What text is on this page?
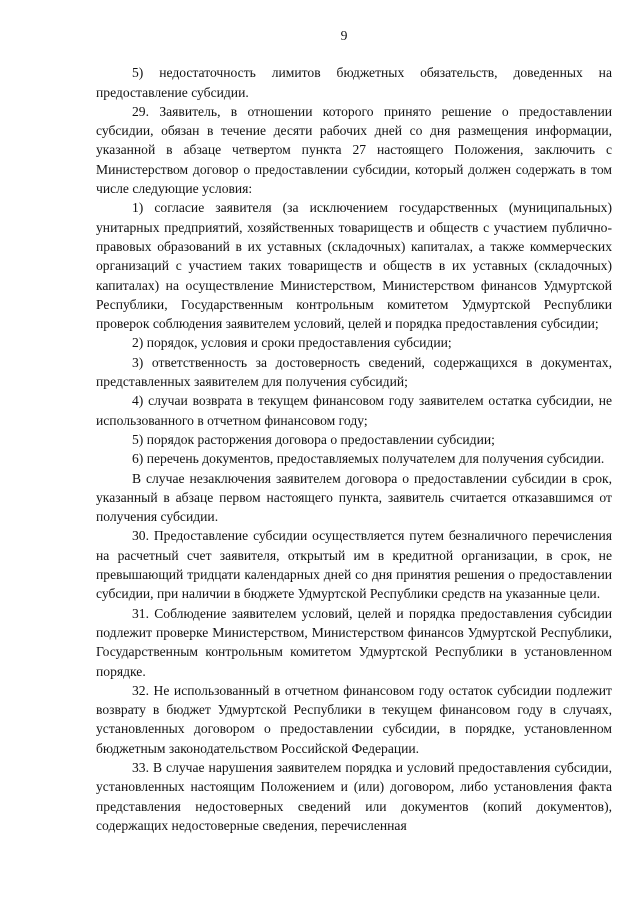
9

5) недостаточность лимитов бюджетных обязательств, доведенных на предоставление субсидии.

29. Заявитель, в отношении которого принято решение о предоставлении субсидии, обязан в течение десяти рабочих дней со дня размещения информации, указанной в абзаце четвертом пункта 27 настоящего Положения, заключить с Министерством договор о предоставлении субсидии, который должен содержать в том числе следующие условия:

1) согласие заявителя (за исключением государственных (муниципальных) унитарных предприятий, хозяйственных товариществ и обществ с участием публично-правовых образований в их уставных (складочных) капиталах, а также коммерческих организаций с участием таких товариществ и обществ в их уставных (складочных) капиталах) на осуществление Министерством, Министерством финансов Удмуртской Республики, Государственным контрольным комитетом Удмуртской Республики проверок соблюдения заявителем условий, целей и порядка предоставления субсидии;

2) порядок, условия и сроки предоставления субсидии;

3) ответственность за достоверность сведений, содержащихся в документах, представленных заявителем для получения субсидий;

4) случаи возврата в текущем финансовом году заявителем остатка субсидии, не использованного в отчетном финансовом году;

5) порядок расторжения договора о предоставлении субсидии;

6) перечень документов, предоставляемых получателем для получения субсидии.

В случае незаключения заявителем договора о предоставлении субсидии в срок, указанный в абзаце первом настоящего пункта, заявитель считается отказавшимся от получения субсидии.

30. Предоставление субсидии осуществляется путем безналичного перечисления на расчетный счет заявителя, открытый им в кредитной организации, в срок, не превышающий тридцати календарных дней со дня принятия решения о предоставлении субсидии, при наличии в бюджете Удмуртской Республики средств на указанные цели.

31. Соблюдение заявителем условий, целей и порядка предоставления субсидии подлежит проверке Министерством, Министерством финансов Удмуртской Республики, Государственным контрольным комитетом Удмуртской Республики в установленном порядке.

32. Не использованный в отчетном финансовом году остаток субсидии подлежит возврату в бюджет Удмуртской Республики в текущем финансовом году в случаях, установленных договором о предоставлении субсидии, в порядке, установленном бюджетным законодательством Российской Федерации.

33. В случае нарушения заявителем порядка и условий предоставления субсидии, установленных настоящим Положением и (или) договором, либо установления факта представления недостоверных сведений или документов (копий документов), содержащих недостоверные сведения, перечисленная
